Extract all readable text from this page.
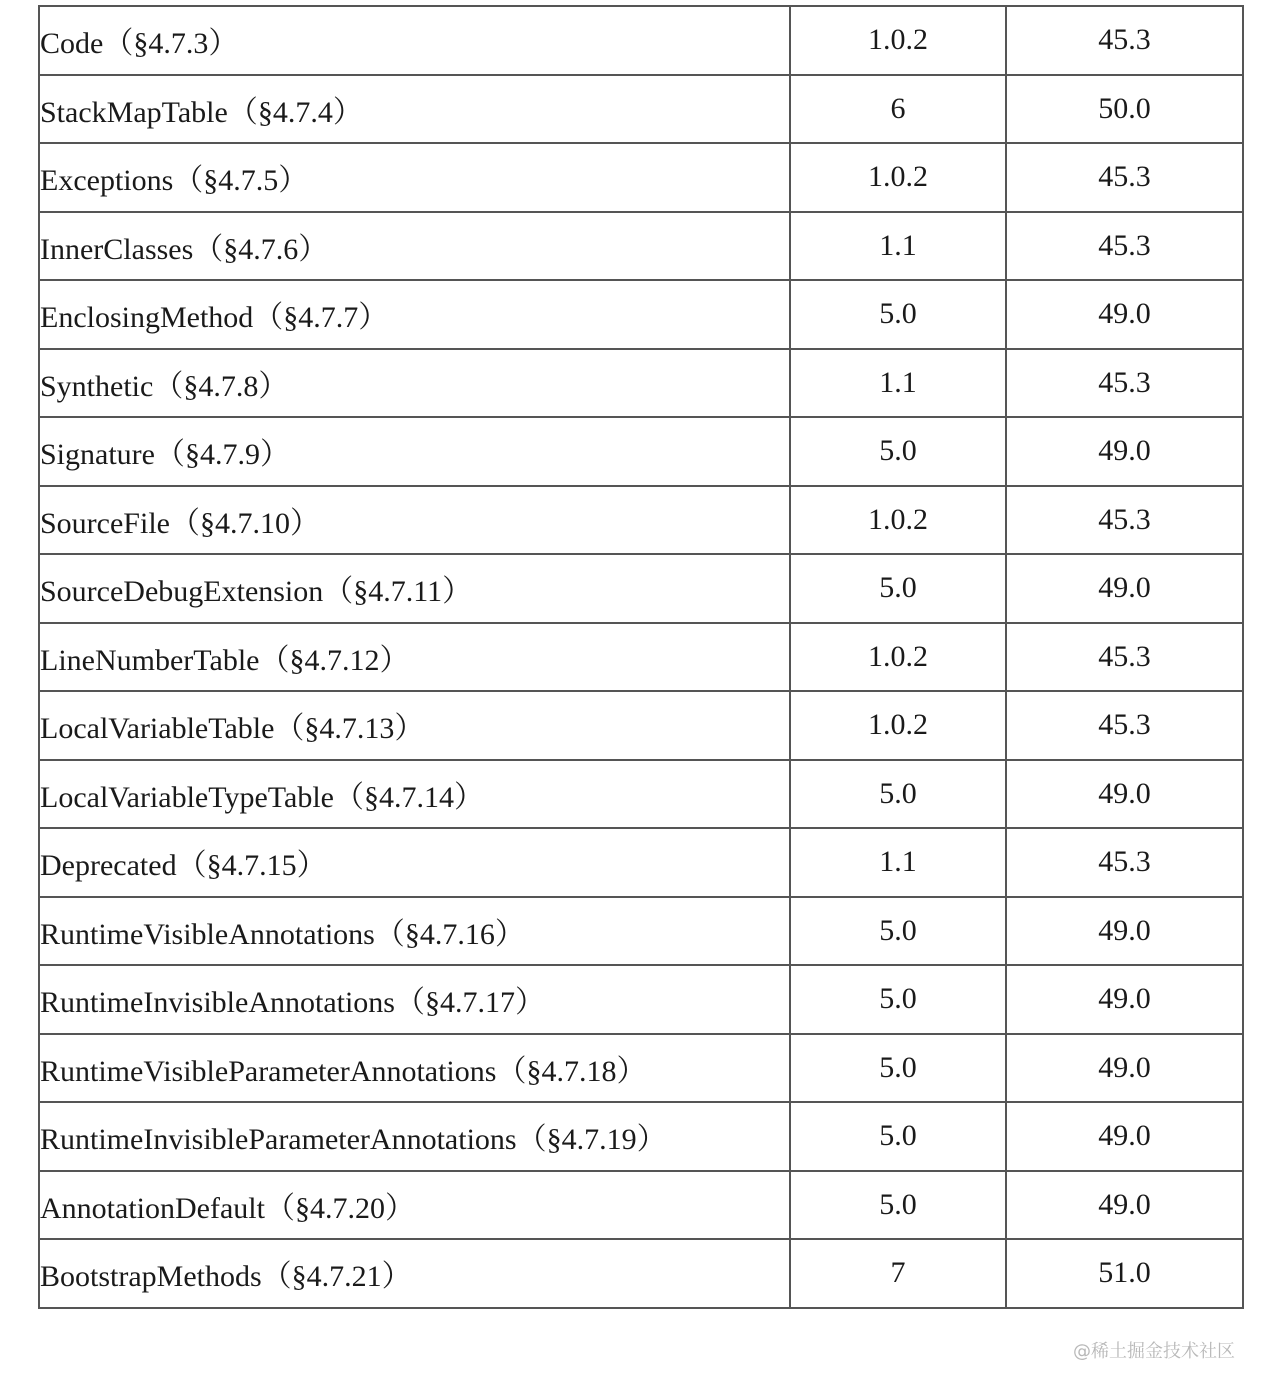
Code（§4.7.3）	1.0.2	45.3
StackMapTable（§4.7.4）	6	50.0
Exceptions（§4.7.5）	1.0.2	45.3
InnerClasses（§4.7.6）	1.1	45.3
EnclosingMethod（§4.7.7）	5.0	49.0
Synthetic（§4.7.8）	1.1	45.3
Signature（§4.7.9）	5.0	49.0
SourceFile（§4.7.10）	1.0.2	45.3
SourceDebugExtension（§4.7.11）	5.0	49.0
LineNumberTable（§4.7.12）	1.0.2	45.3
LocalVariableTable（§4.7.13）	1.0.2	45.3
LocalVariableTypeTable（§4.7.14）	5.0	49.0
Deprecated（§4.7.15）	1.1	45.3
RuntimeVisibleAnnotations（§4.7.16）	5.0	49.0
RuntimeInvisibleAnnotations（§4.7.17）	5.0	49.0
RuntimeVisibleParameterAnnotations（§4.7.18）	5.0	49.0
RuntimeInvisibleParameterAnnotations（§4.7.19）	5.0	49.0
AnnotationDefault（§4.7.20）	5.0	49.0
BootstrapMethods（§4.7.21）	7	51.0
@稀土掘金技术社区
